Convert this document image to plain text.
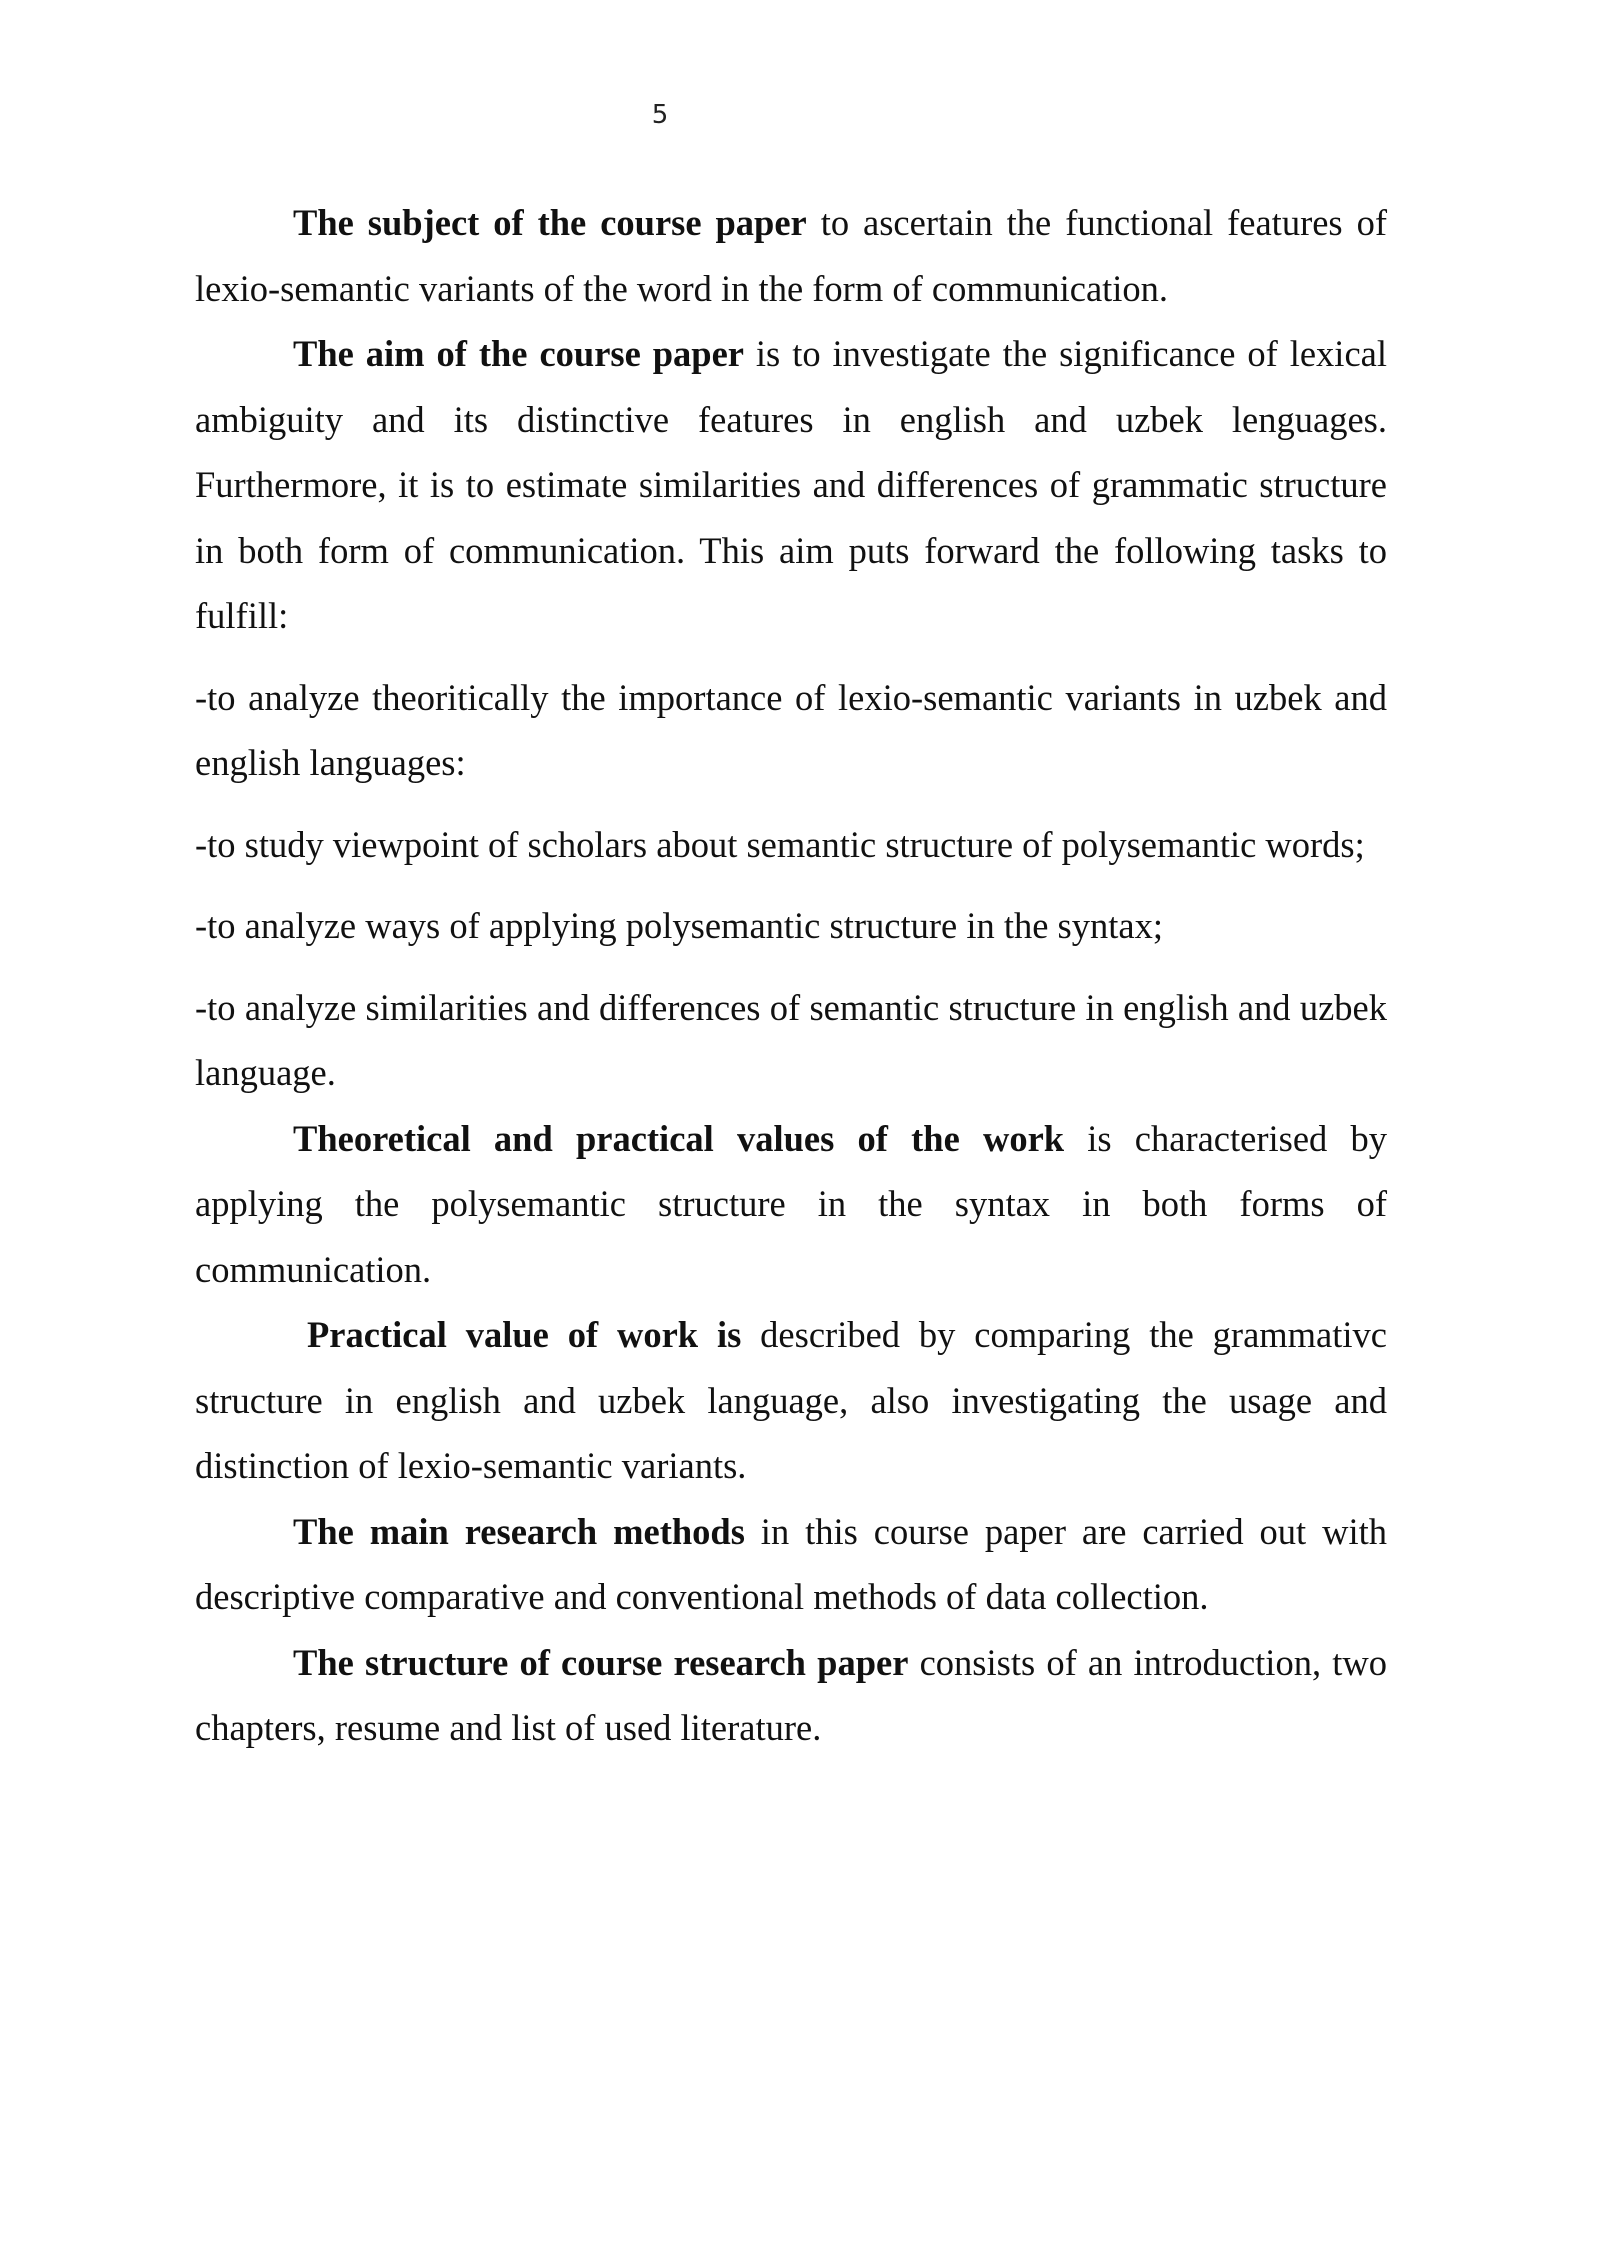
5

The subject of the course paper to ascertain the functional features of lexio-semantic variants of the word in the form of communication.

The aim of the course paper is to investigate the significance of lexical ambiguity and its distinctive features in english and uzbek lenguages. Furthermore, it is to estimate similarities and differences of grammatic structure in both form of communication. This aim puts forward the following tasks to fulfill:

-to analyze theoritically the importance of lexio-semantic variants in uzbek and english languages:

-to study viewpoint of scholars about semantic structure of polysemantic words;

-to analyze ways of applying polysemantic structure in the syntax;

-to analyze similarities and differences of semantic structure in english and uzbek language.

Theoretical and practical values of the work is characterised by applying the polysemantic structure in the syntax in both forms of communication.

Practical value of work is described by comparing the grammativc structure in english and uzbek language, also investigating the usage and distinction of lexio-semantic variants.

The main research methods in this course paper are carried out with descriptive comparative and conventional methods of data collection.

The structure of course research paper consists of an introduction, two chapters, resume and list of used literature.
